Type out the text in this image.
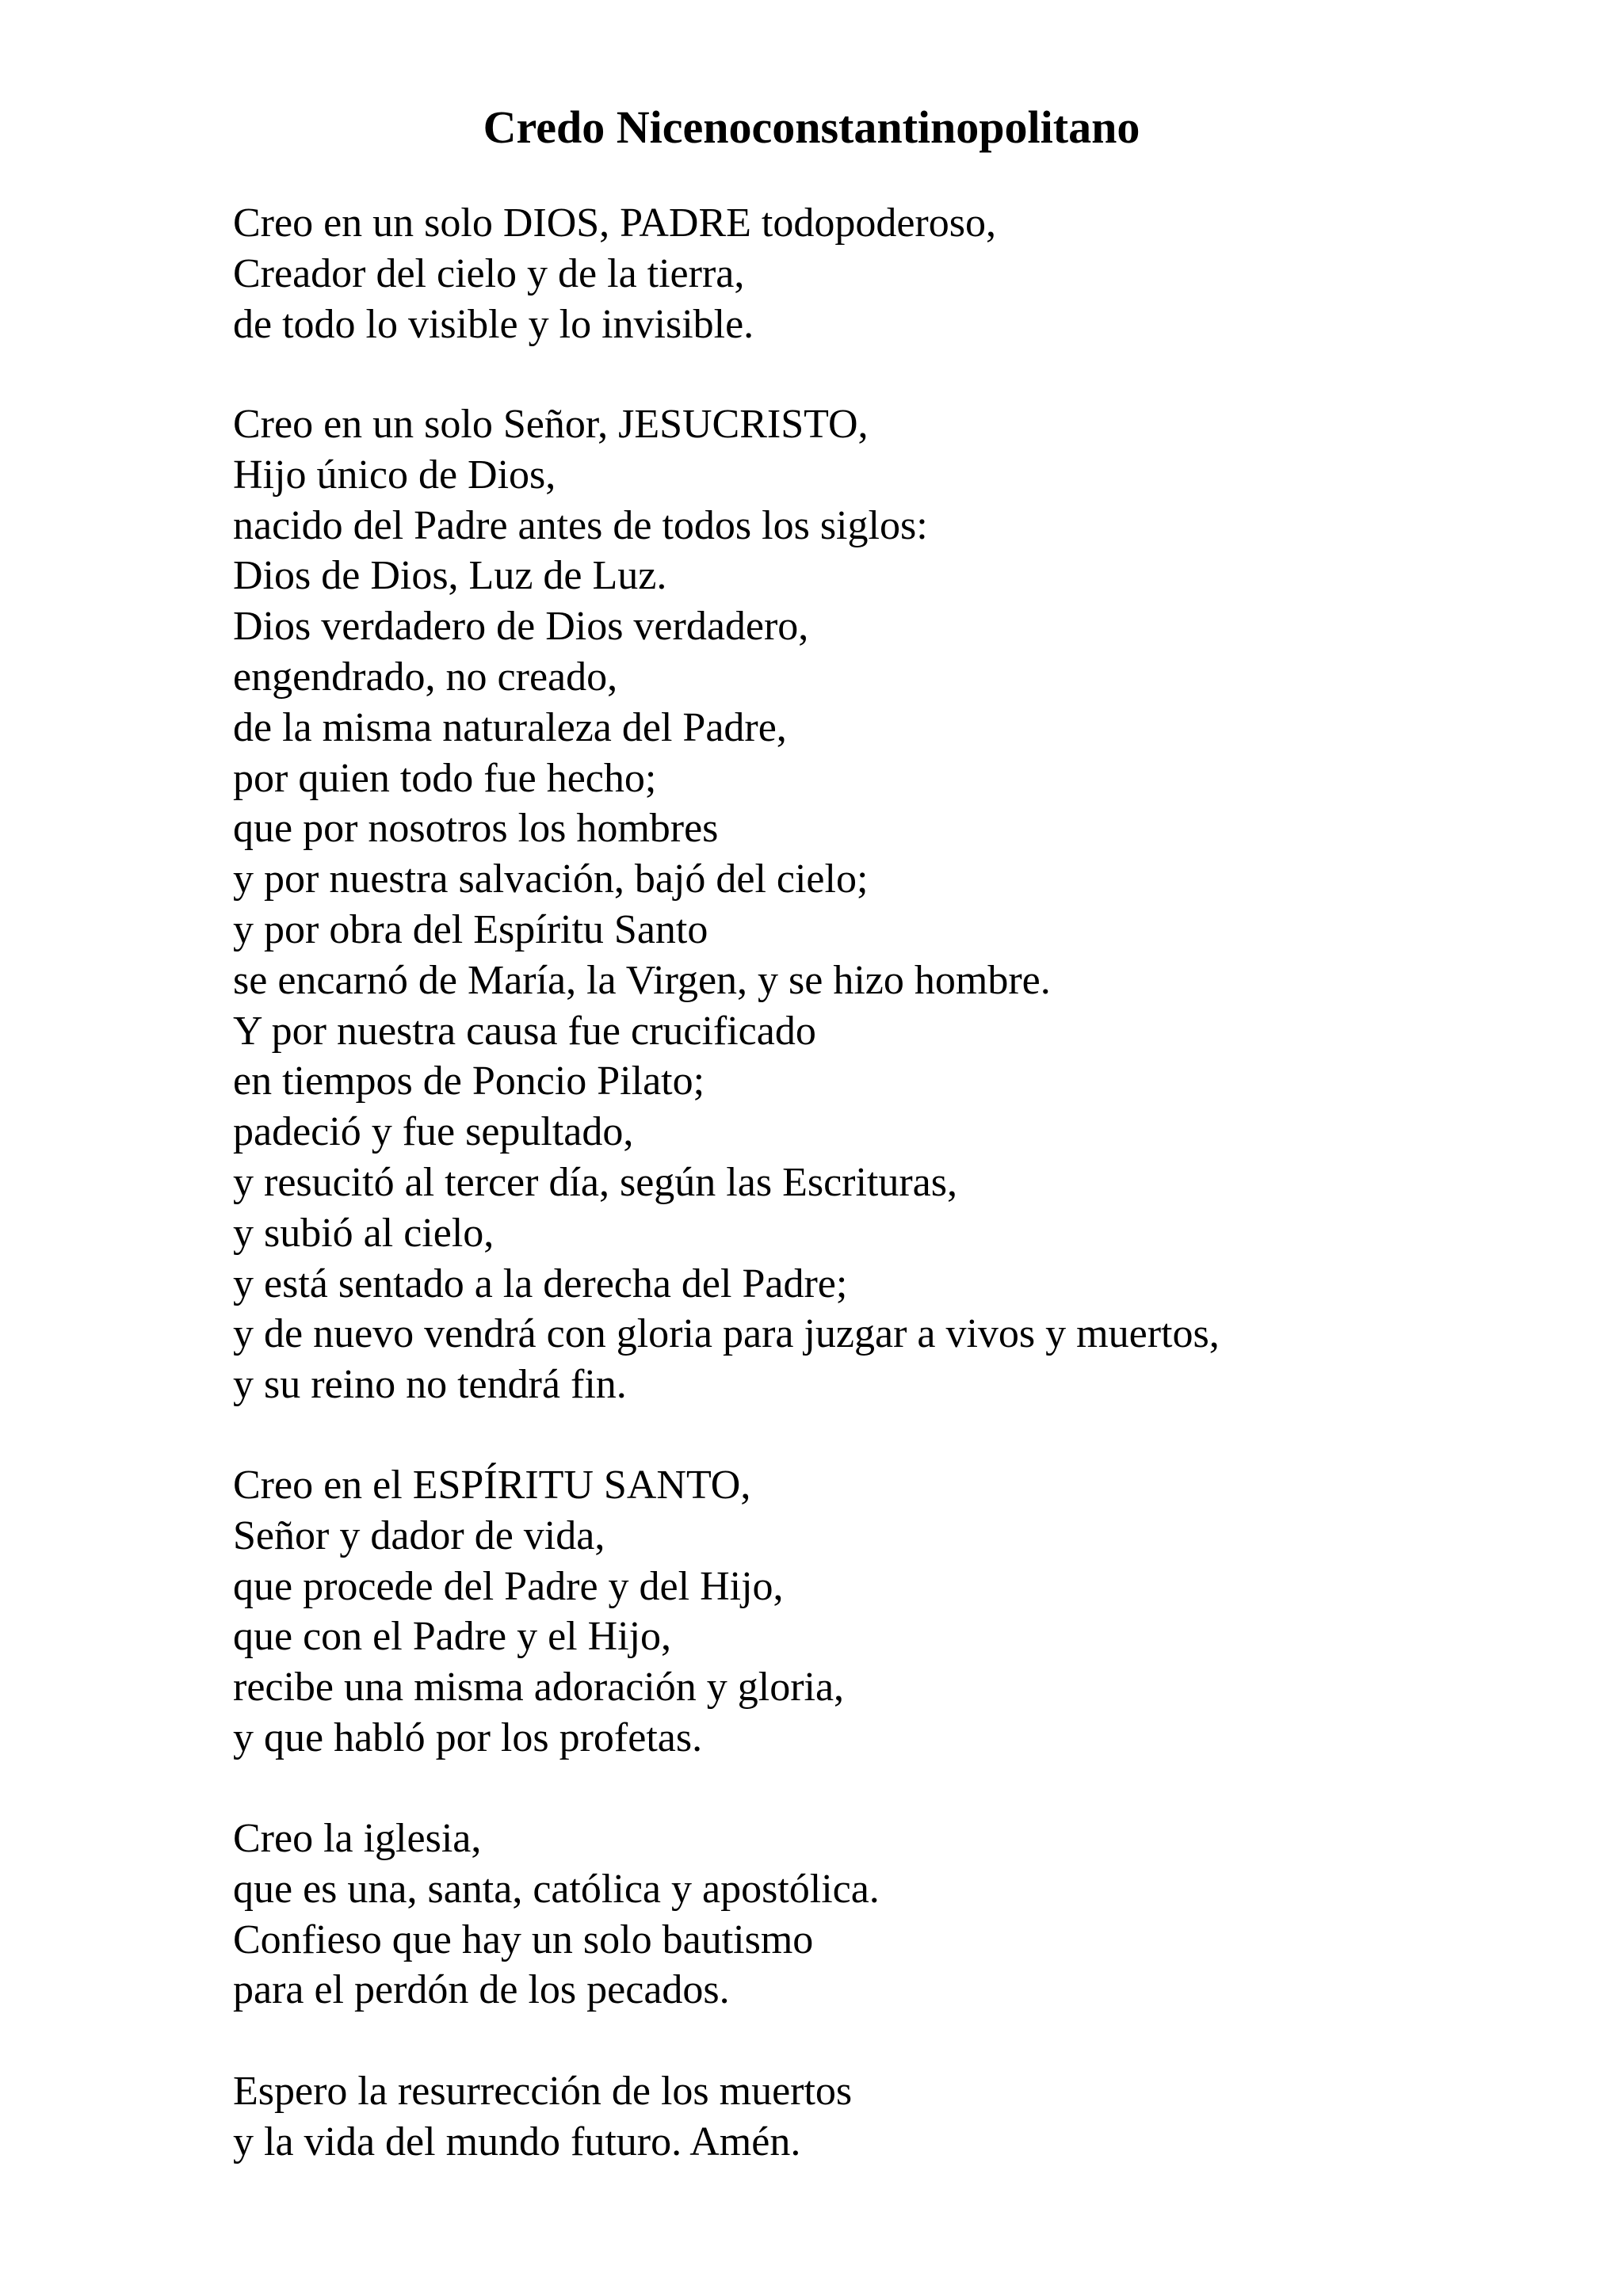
Credo Nicenoconstantinopolitano
Creo en un solo DIOS, PADRE todopoderoso,
Creador del cielo y de la tierra,
de todo lo visible y lo invisible.
Creo en un solo Señor, JESUCRISTO,
Hijo único de Dios,
nacido del Padre antes de todos los siglos:
Dios de Dios, Luz de Luz.
Dios verdadero de Dios verdadero,
engendrado, no creado,
de la misma naturaleza del Padre,
por quien todo fue hecho;
que por nosotros los hombres
y por nuestra salvación, bajó del cielo;
y por obra del Espíritu Santo
se encarnó de María, la Virgen, y se hizo hombre.
Y por nuestra causa fue crucificado
en tiempos de Poncio Pilato;
padeció y fue sepultado,
y resucitó al tercer día, según las Escrituras,
y subió al cielo,
y está sentado a la derecha del Padre;
y de nuevo vendrá con gloria para juzgar a vivos y muertos,
y su reino no tendrá fin.
Creo en el ESPÍRITU SANTO,
Señor y dador de vida,
que procede del Padre y del Hijo,
que con el Padre y el Hijo,
recibe una misma adoración y gloria,
y que habló por los profetas.
Creo la iglesia,
que es una, santa, católica y apostólica.
Confieso que hay un solo bautismo
para el perdón de los pecados.
Espero la resurrección de los muertos
y la vida del mundo futuro. Amén.
